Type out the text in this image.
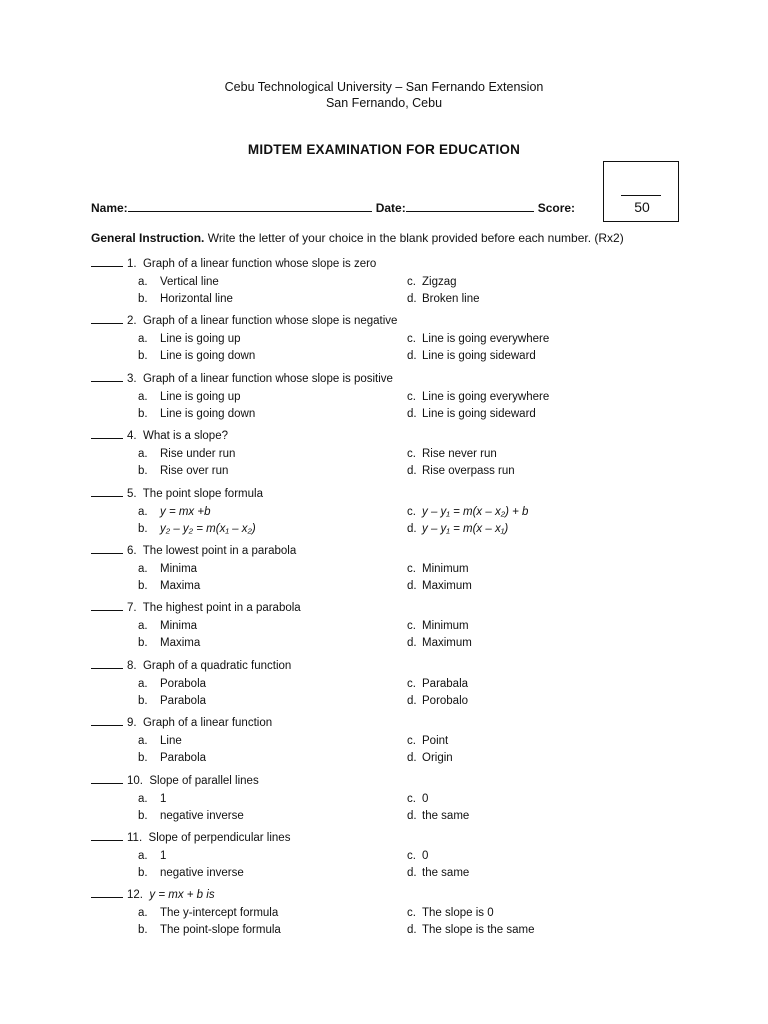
Cebu Technological University – San Fernando Extension
San Fernando, Cebu
MIDTEM EXAMINATION FOR EDUCATION
50
Name:	Date:	Score:
General Instruction. Write the letter of your choice in the blank provided before each number. (Rx2)
1. Graph of a linear function whose slope is zero
a. Vertical line
b. Horizontal line
c. Zigzag
d. Broken line
2. Graph of a linear function whose slope is negative
a. Line is going up
b. Line is going down
c. Line is going everywhere
d. Line is going sideward
3. Graph of a linear function whose slope is positive
a. Line is going up
b. Line is going down
c. Line is going everywhere
d. Line is going sideward
4. What is a slope?
a. Rise under run
b. Rise over run
c. Rise never run
d. Rise overpass run
5. The point slope formula
a. y = mx +b
b. y₂ – y₂ = m(x₁ – x₂)
c. y – y₁ = m(x – x₂) + b
d. y – y₁ = m(x – x₁)
6. The lowest point in a parabola
a. Minima
b. Maxima
c. Minimum
d. Maximum
7. The highest point in a parabola
a. Minima
b. Maxima
c. Minimum
d. Maximum
8. Graph of a quadratic function
a. Porabola
b. Parabola
c. Parabala
d. Porobalo
9. Graph of a linear function
a. Line
b. Parabola
c. Point
d. Origin
10. Slope of parallel lines
a. 1
b. negative inverse
c. 0
d. the same
11. Slope of perpendicular lines
a. 1
b. negative inverse
c. 0
d. the same
12. y = mx + b is
a. The y-intercept formula
b. The point-slope formula
c. The slope is 0
d. The slope is the same
